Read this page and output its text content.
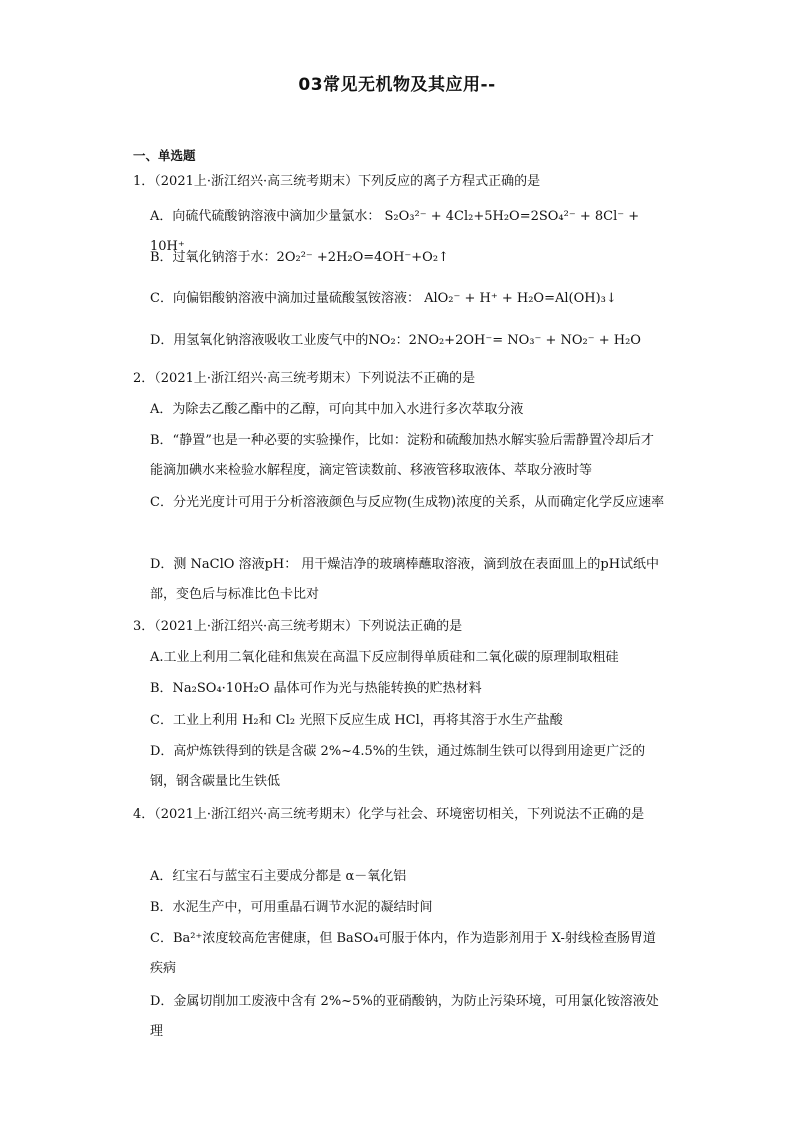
03常见无机物及其应用--
一、单选题
1．（2021上·浙江绍兴·高三统考期末）下列反应的离子方程式正确的是
A．向硫代硫酸钠溶液中滴加少量氯水： S₂O₃²⁻ + 4Cl₂+5H₂O=2SO₄²⁻ + 8Cl⁻ + 10H⁺
B．过氧化钠溶于水：2O₂²⁻ +2H₂O=4OH⁻+O₂↑
C．向偏铝酸钠溶液中滴加过量硫酸氢铵溶液： AlO₂⁻ + H⁺ + H₂O=Al(OH)₃↓
D．用氢氧化钠溶液吸收工业废气中的NO₂：2NO₂+2OH⁻= NO₃⁻ + NO₂⁻ + H₂O
2．（2021上·浙江绍兴·高三统考期末）下列说法不正确的是
A．为除去乙酸乙酯中的乙醇，可向其中加入水进行多次萃取分液
B．“静置”也是一种必要的实验操作，比如：淀粉和硫酸加热水解实验后需静置冷却后才能滴加碘水来检验水解程度，滴定管读数前、移液管移取液体、萃取分液时等
C．分光光度计可用于分析溶液颜色与反应物(生成物)浓度的关系，从而确定化学反应速率
D．测 NaClO 溶液pH： 用干燥洁净的玻璃棒蘸取溶液，滴到放在表面皿上的pH试纸中部，变色后与标准比色卡比对
3．（2021上·浙江绍兴·高三统考期末）下列说法正确的是
A.工业上利用二氧化硅和焦炭在高温下反应制得单质硅和二氧化碳的原理制取粗硅
B．Na₂SO₄·10H₂O 晶体可作为光与热能转换的贮热材料
C．工业上利用 H₂和 Cl₂ 光照下反应生成 HCl，再将其溶于水生产盐酸
D．高炉炼铁得到的铁是含碳 2%~4.5%的生铁，通过炼制生铁可以得到用途更广泛的钢，钢含碳量比生铁低
4．（2021上·浙江绍兴·高三统考期末）化学与社会、环境密切相关，下列说法不正确的是
A．红宝石与蓝宝石主要成分都是 α－氧化铝
B．水泥生产中，可用重晶石调节水泥的凝结时间
C．Ba²⁺浓度较高危害健康，但 BaSO₄可服于体内，作为造影剂用于 X-射线检查肠胃道疾病
D．金属切削加工废液中含有 2%~5%的亚硝酸钠，为防止污染环境，可用氯化铵溶液处理
